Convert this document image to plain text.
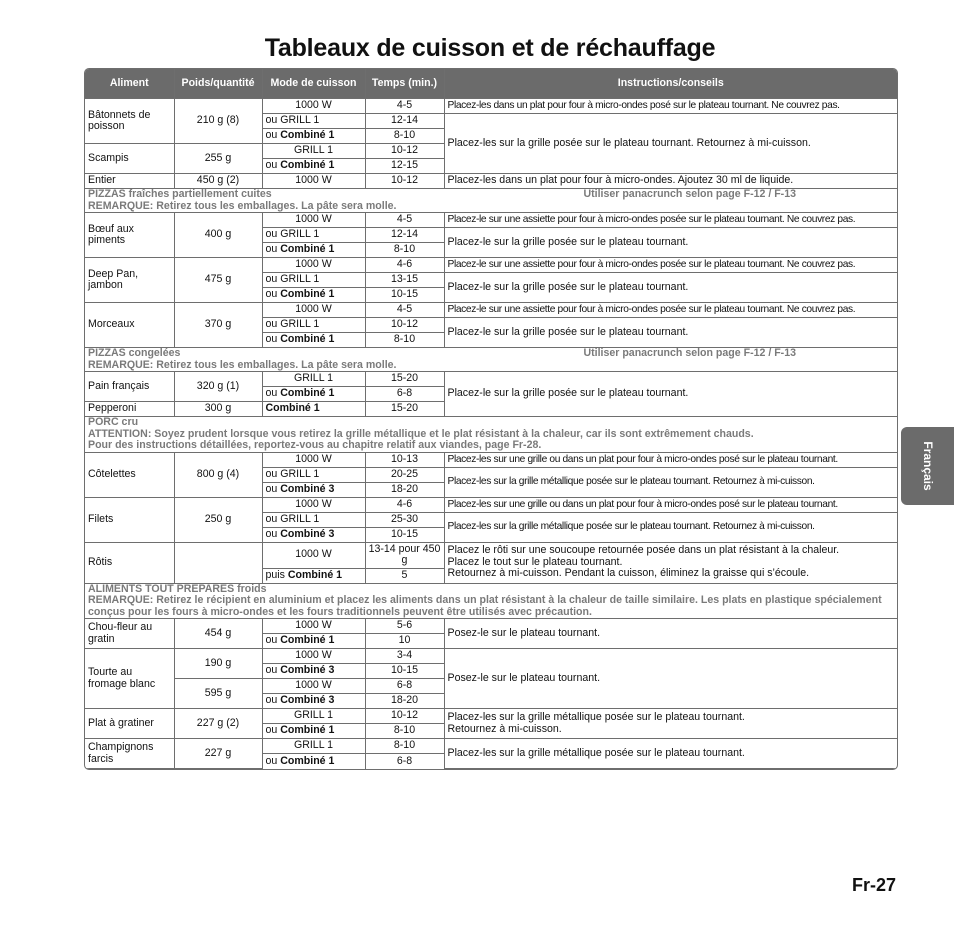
Tableaux de cuisson et de réchauffage
Aliment	Poids/quantité	Mode de cuisson	Temps (min.)	Instructions/conseils
Bâtonnets de poisson	210 g (8)	1000 W	4-5	Placez-les dans un plat pour four à micro-ondes posé sur le plateau tournant. Ne couvrez pas.
		ou GRILL 1	12-14	Placez-les sur la grille posée sur le plateau tournant. Retournez à mi-cuisson.
		ou Combiné 1	8-10	
Scampis	255 g	GRILL 1	10-12	
		ou Combiné 1	12-15	
Entier	450 g (2)	1000 W	10-12	Placez-les dans un plat pour four à micro-ondes. Ajoutez 30 ml de liquide.

PIZZAS fraîches partiellement cuites Utiliser panacrunch selon page F-12 / F-13
REMARQUE: Retirez tous les emballages. La pâte sera molle.				

Bœuf aux piments	400 g	1000 W	4-5	Placez-le sur une assiette pour four à micro-ondes posée sur le plateau tournant. Ne couvrez pas.
		ou GRILL 1	12-14	Placez-le sur la grille posée sur le plateau tournant.
		ou Combiné 1	8-10	
Deep Pan, jambon	475 g	1000 W	4-6	Placez-le sur une assiette pour four à micro-ondes posée sur le plateau tournant. Ne couvrez pas.
		ou GRILL 1	13-15	Placez-le sur la grille posée sur le plateau tournant.
		ou Combiné 1	10-15	
Morceaux	370 g	1000 W	4-5	Placez-le sur une assiette pour four à micro-ondes posée sur le plateau tournant. Ne couvrez pas.
		ou GRILL 1	10-12	Placez-le sur la grille posée sur le plateau tournant.
		ou Combiné 1	8-10	

PIZZAS congelées Utiliser panacrunch selon page F-12 / F-13
REMARQUE: Retirez tous les emballages. La pâte sera molle.				

Pain français	320 g (1)	GRILL 1	15-20	Placez-le sur la grille posée sur le plateau tournant.
		ou Combiné 1	6-8	
Pepperoni	300 g	Combiné 1	15-20	

PORC cru
ATTENTION: Soyez prudent lorsque vous retirez la grille métallique et le plat résistant à la chaleur, car ils sont extrêmement chauds.
Pour des instructions détaillées, reportez-vous au chapitre relatif aux viandes, page Fr-28.				

Côtelettes	800 g (4)	1000 W	10-13	Placez-les sur une grille ou dans un plat pour four à micro-ondes posé sur le plateau tournant.
		ou GRILL 1	20-25	Placez-les sur la grille métallique posée sur le plateau tournant. Retournez à mi-cuisson.
		ou Combiné 3	18-20	
Filets	250 g	1000 W	4-6	Placez-les sur une grille ou dans un plat pour four à micro-ondes posé sur le plateau tournant.
		ou GRILL 1	25-30	Placez-les sur la grille métallique posée sur le plateau tournant. Retournez à mi-cuisson.
		ou Combiné 3	10-15	
Rôtis		1000 W	13-14 pour 450 g	Placez le rôti sur une soucoupe retournée posée dans un plat résistant à la chaleur.
Placez le tout sur le plateau tournant.
Retournez à mi-cuisson. Pendant la cuisson, éliminez la graisse qui s’écoule.

		puis Combiné 1	5	

ALIMENTS TOUT PREPARES froids
REMARQUE: Retirez le récipient en aluminium et placez les aliments dans un plat résistant à la chaleur de taille similaire. Les plats en plastique spécialement conçus pour les fours à micro-ondes et les fours traditionnels peuvent être utilisés avec précaution.				

Chou-fleur au gratin	454 g	1000 W	5-6	Posez-le sur le plateau tournant.
		ou Combiné 1	10	
Tourte au fromage blanc	190 g	1000 W	3-4	Posez-le sur le plateau tournant.
		ou Combiné 3	10-15	
	595 g	1000 W	6-8	
		ou Combiné 3	18-20	
Plat à gratiner	227 g (2)	GRILL 1	10-12	Placez-les sur la grille métallique posée sur le plateau tournant.
Retournez à mi-cuisson.

		ou Combiné 1	8-10	
Champignons farcis	227 g	GRILL 1	8-10	Placez-les sur la grille métallique posée sur le plateau tournant.
		ou Combiné 1	6-8	
Français
Fr-27
